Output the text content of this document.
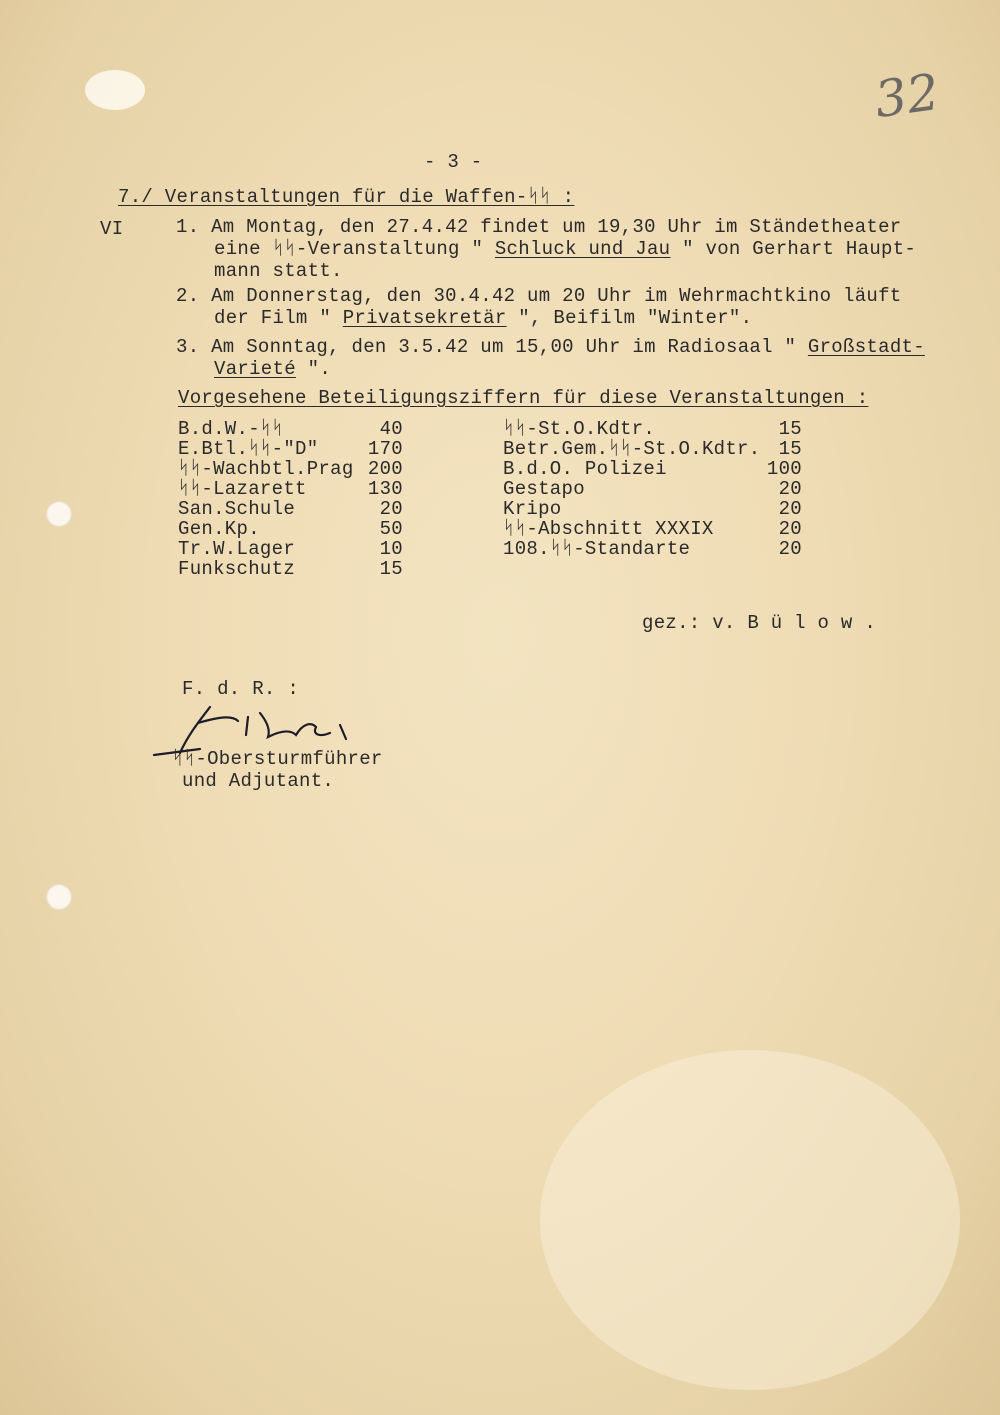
32
- 3 -
7./ Veranstaltungen für die Waffen-ᛋᛋ :
VI	1. Am Montag, den 27.4.42 findet um 19,30 Uhr im Ständetheater
eine ᛋᛋ-Veranstaltung " Schluck und Jau " von Gerhart Haupt-
mann statt.
2. Am Donnerstag, den 30.4.42 um 20 Uhr im Wehrmachtkino läuft
der Film " Privatsekretär ", Beifilm "Winter".
3. Am Sonntag, den 3.5.42 um 15,00 Uhr im Radiosaal " Großstadt-
Varieté ".
Vorgesehene Beteiligungsziffern für diese Veranstaltungen :
B.d.W.-ᛋᛋ	40
E.Btl.ᛋᛋ-"D"	170
ᛋᛋ-Wachbtl.Prag 200
ᛋᛋ-Lazarett	130
San.Schule	20
Gen.Kp.	50
Tr.W.Lager	10
Funkschutz	15
ᛋᛋ-St.O.Kdtr.	15
Betr.Gem.ᛋᛋ-St.O.Kdtr. 15
B.d.O. Polizei	100
Gestapo	20
Kripo	20
ᛋᛋ-Abschnitt XXXIX	20
108.ᛋᛋ-Standarte	20
gez.: v. B ü l o w .
F. d. R. :
ᛋᛋ-Obersturmführer
und Adjutant.
